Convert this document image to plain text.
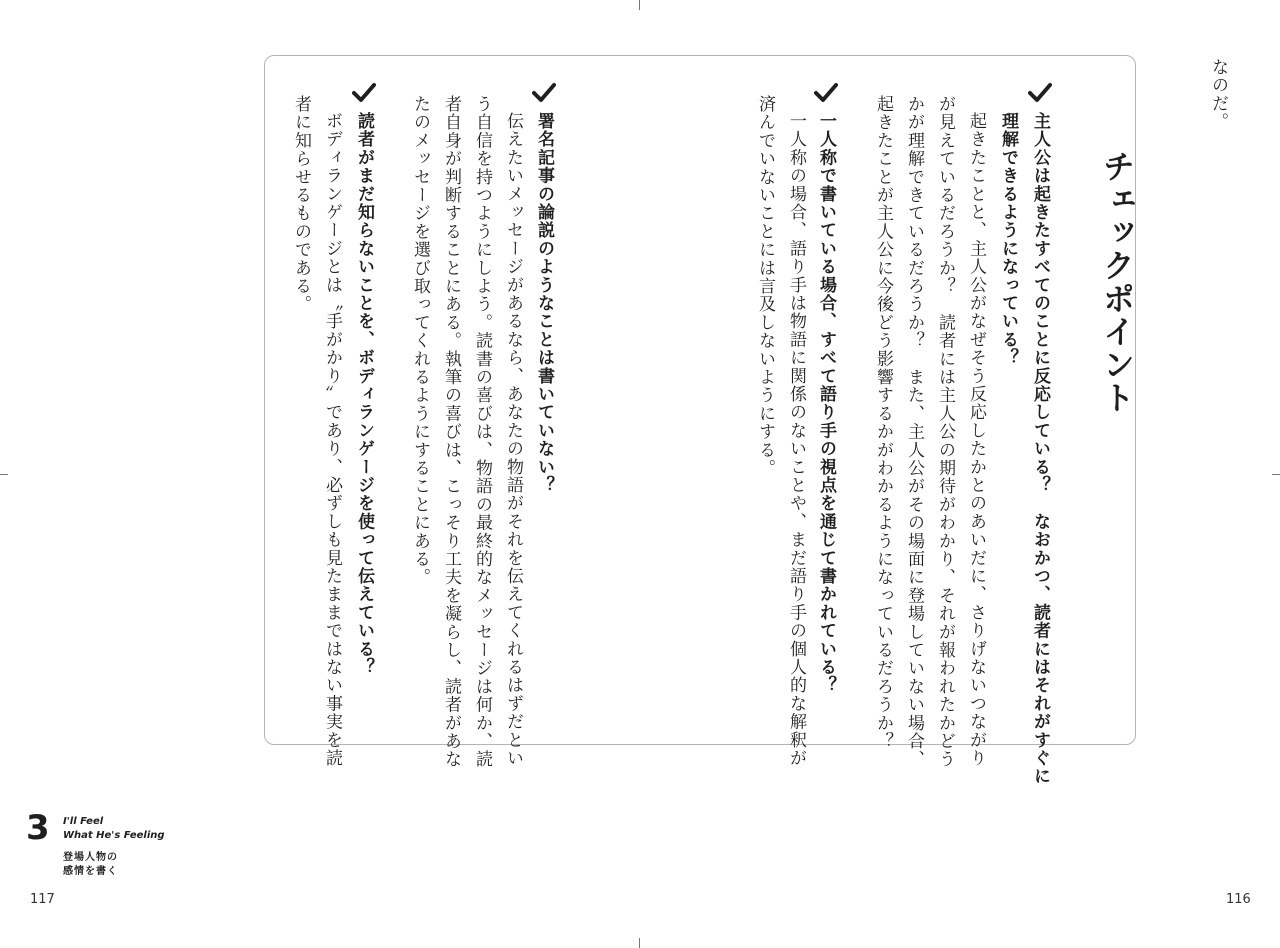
なのだ。
チェックポイント
主人公は起きたすべてのことに反応している？　なおかつ、読者にはそれがすぐに
理解できるようになっている？
起きたことと、主人公がなぜそう反応したかとのあいだに、さりげないつながり
が見えているだろうか？　読者には主人公の期待がわかり、それが報われたかどう
かが理解できているだろうか？　また、主人公がその場面に登場していない場合、
起きたことが主人公に今後どう影響するかがわかるようになっているだろうか？
一人称で書いている場合、すべて語り手の視点を通じて書かれている？
一人称の場合、語り手は物語に関係のないことや、まだ語り手の個人的な解釈が
済んでいないことには言及しないようにする。
署名記事の論説のようなことは書いていない？
伝えたいメッセージがあるなら、あなたの物語がそれを伝えてくれるはずだとい
う自信を持つようにしよう。読書の喜びは、物語の最終的なメッセージは何か、読
者自身が判断することにある。執筆の喜びは、こっそり工夫を凝らし、読者があな
たのメッセージを選び取ってくれるようにすることにある。
読者がまだ知らないことを、ボディランゲージを使って伝えている？
ボディランゲージとは〝手がかり〟であり、必ずしも見たままではない事実を読
者に知らせるものである。
3 I'll Feel
What He's Feeling
登場人物の
感情を書く
117	116
